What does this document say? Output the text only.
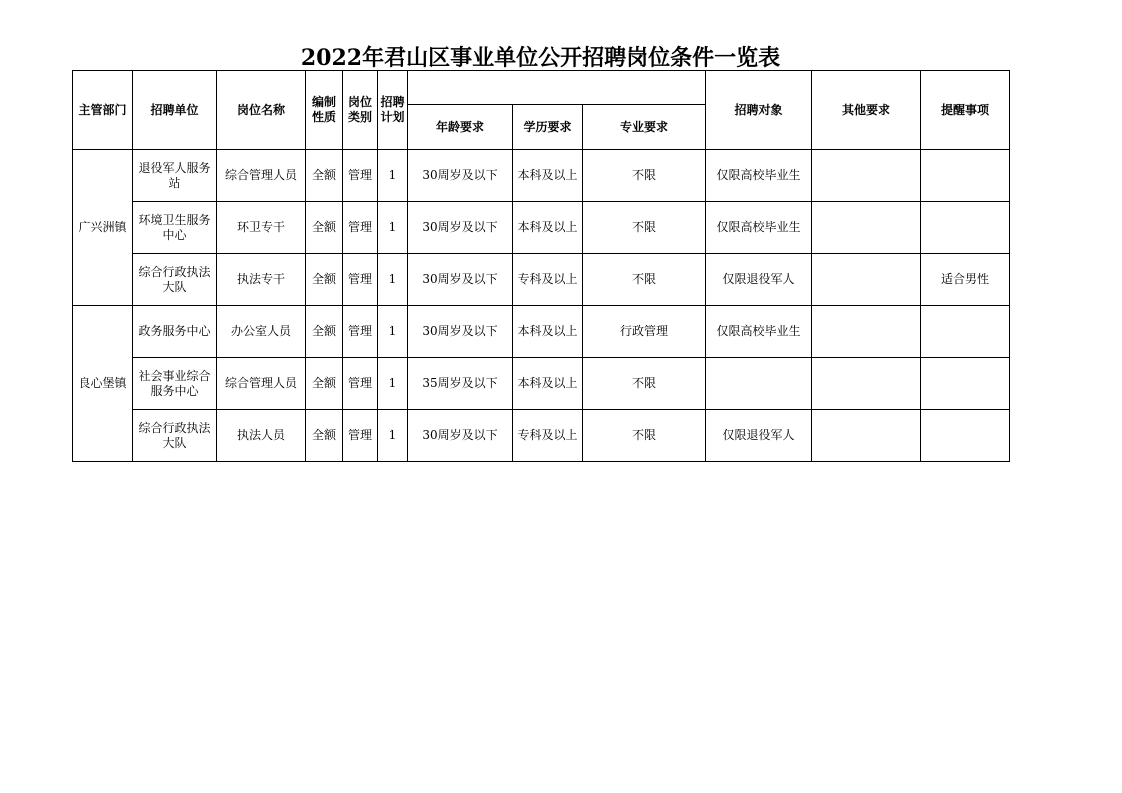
2022年君山区事业单位公开招聘岗位条件一览表
主管部门	招聘单位	岗位名称	编制性质	岗位类别	招聘计划				招聘对象	其他要求	提醒事项
						年龄要求	学历要求	专业要求			
广兴洲镇	退役军人服务站	综合管理人员	全额	管理	1	30周岁及以下	本科及以上	不限	仅限高校毕业生		
	环境卫生服务中心	环卫专干	全额	管理	1	30周岁及以下	本科及以上	不限	仅限高校毕业生		
	综合行政执法大队	执法专干	全额	管理	1	30周岁及以下	专科及以上	不限	仅限退役军人		适合男性
良心堡镇	政务服务中心	办公室人员	全额	管理	1	30周岁及以下	本科及以上	行政管理	仅限高校毕业生		
	社会事业综合服务中心	综合管理人员	全额	管理	1	35周岁及以下	本科及以上	不限			
	综合行政执法大队	执法人员	全额	管理	1	30周岁及以下	专科及以上	不限	仅限退役军人		
